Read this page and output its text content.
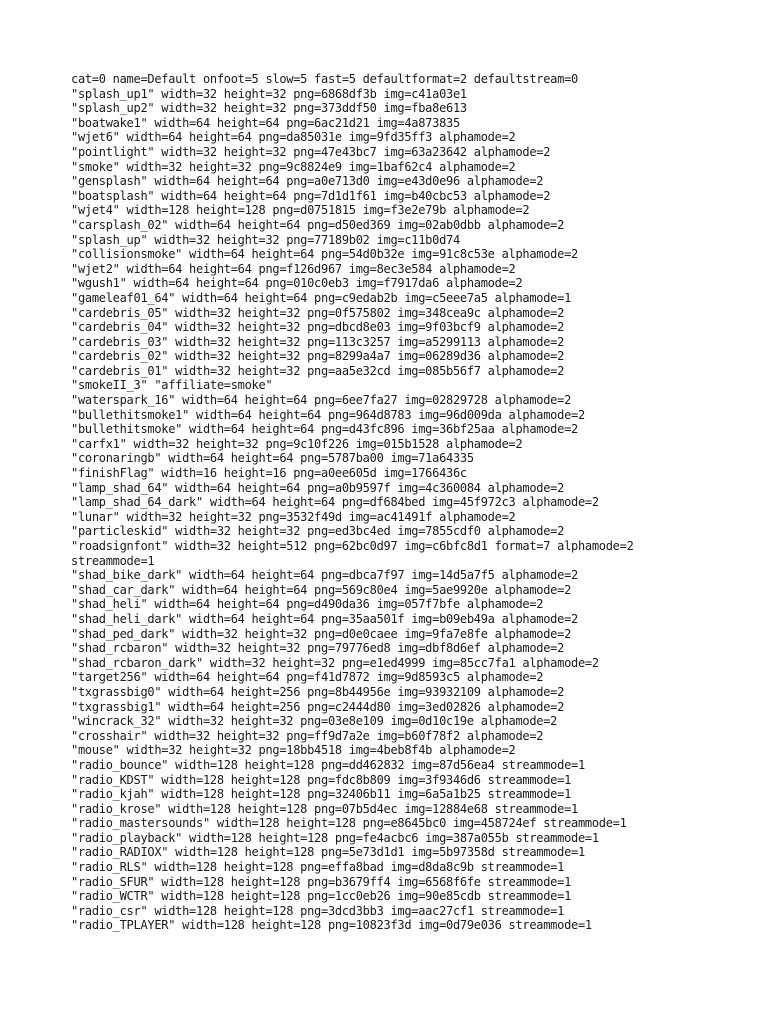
cat=0 name=Default onfoot=5 slow=5 fast=5 defaultformat=2 defaultstream=0
"splash_up1" width=32 height=32 png=6868df3b img=c41a03e1
"splash_up2" width=32 height=32 png=373ddf50 img=fba8e613
"boatwake1" width=64 height=64 png=6ac21d21 img=4a873835
"wjet6" width=64 height=64 png=da85031e img=9fd35ff3 alphamode=2
"pointlight" width=32 height=32 png=47e43bc7 img=63a23642 alphamode=2
"smoke" width=32 height=32 png=9c8824e9 img=1baf62c4 alphamode=2
"gensplash" width=64 height=64 png=a0e713d0 img=e43d0e96 alphamode=2
"boatsplash" width=64 height=64 png=7d1d1f61 img=b40cbc53 alphamode=2
"wjet4" width=128 height=128 png=d0751815 img=f3e2e79b alphamode=2
"carsplash_02" width=64 height=64 png=d50ed369 img=02ab0dbb alphamode=2
"splash_up" width=32 height=32 png=77189b02 img=c11b0d74
"collisionsmoke" width=64 height=64 png=54d0b32e img=91c8c53e alphamode=2
"wjet2" width=64 height=64 png=f126d967 img=8ec3e584 alphamode=2
"wgush1" width=64 height=64 png=010c0eb3 img=f7917da6 alphamode=2
"gameleaf01_64" width=64 height=64 png=c9edab2b img=c5eee7a5 alphamode=1
"cardebris_05" width=32 height=32 png=0f575802 img=348cea9c alphamode=2
"cardebris_04" width=32 height=32 png=dbcd8e03 img=9f03bcf9 alphamode=2
"cardebris_03" width=32 height=32 png=113c3257 img=a5299113 alphamode=2
"cardebris_02" width=32 height=32 png=8299a4a7 img=06289d36 alphamode=2
"cardebris_01" width=32 height=32 png=aa5e32cd img=085b56f7 alphamode=2
"smokeII_3" "affiliate=smoke"
"waterspark_16" width=64 height=64 png=6ee7fa27 img=02829728 alphamode=2
"bullethitsmoke1" width=64 height=64 png=964d8783 img=96d009da alphamode=2
"bullethitsmoke" width=64 height=64 png=d43fc896 img=36bf25aa alphamode=2
"carfx1" width=32 height=32 png=9c10f226 img=015b1528 alphamode=2
"coronaringb" width=64 height=64 png=5787ba00 img=71a64335
"finishFlag" width=16 height=16 png=a0ee605d img=1766436c
"lamp_shad_64" width=64 height=64 png=a0b9597f img=4c360084 alphamode=2
"lamp_shad_64_dark" width=64 height=64 png=df684bed img=45f972c3 alphamode=2
"lunar" width=32 height=32 png=3532f49d img=ac41491f alphamode=2
"particleskid" width=32 height=32 png=ed3bc4ed img=7855cdf0 alphamode=2
"roadsignfont" width=32 height=512 png=62bc0d97 img=c6bfc8d1 format=7 alphamode=2
streammode=1
"shad_bike_dark" width=64 height=64 png=dbca7f97 img=14d5a7f5 alphamode=2
"shad_car_dark" width=64 height=64 png=569c80e4 img=5ae9920e alphamode=2
"shad_heli" width=64 height=64 png=d490da36 img=057f7bfe alphamode=2
"shad_heli_dark" width=64 height=64 png=35aa501f img=b09eb49a alphamode=2
"shad_ped_dark" width=32 height=32 png=d0e0caee img=9fa7e8fe alphamode=2
"shad_rcbaron" width=32 height=32 png=79776ed8 img=dbf8d6ef alphamode=2
"shad_rcbaron_dark" width=32 height=32 png=e1ed4999 img=85cc7fa1 alphamode=2
"target256" width=64 height=64 png=f41d7872 img=9d8593c5 alphamode=2
"txgrassbig0" width=64 height=256 png=8b44956e img=93932109 alphamode=2
"txgrassbig1" width=64 height=256 png=c2444d80 img=3ed02826 alphamode=2
"wincrack_32" width=32 height=32 png=03e8e109 img=0d10c19e alphamode=2
"crosshair" width=32 height=32 png=ff9d7a2e img=b60f78f2 alphamode=2
"mouse" width=32 height=32 png=18bb4518 img=4beb8f4b alphamode=2
"radio_bounce" width=128 height=128 png=dd462832 img=87d56ea4 streammode=1
"radio_KDST" width=128 height=128 png=fdc8b809 img=3f9346d6 streammode=1
"radio_kjah" width=128 height=128 png=32406b11 img=6a5a1b25 streammode=1
"radio_krose" width=128 height=128 png=07b5d4ec img=12884e68 streammode=1
"radio_mastersounds" width=128 height=128 png=e8645bc0 img=458724ef streammode=1
"radio_playback" width=128 height=128 png=fe4acbc6 img=387a055b streammode=1
"radio_RADIOX" width=128 height=128 png=5e73d1d1 img=5b97358d streammode=1
"radio_RLS" width=128 height=128 png=effa8bad img=d8da8c9b streammode=1
"radio_SFUR" width=128 height=128 png=b3679ff4 img=6568f6fe streammode=1
"radio_WCTR" width=128 height=128 png=1cc0eb26 img=90e85cdb streammode=1
"radio_csr" width=128 height=128 png=3dcd3bb3 img=aac27cf1 streammode=1
"radio_TPLAYER" width=128 height=128 png=10823f3d img=0d79e036 streammode=1
